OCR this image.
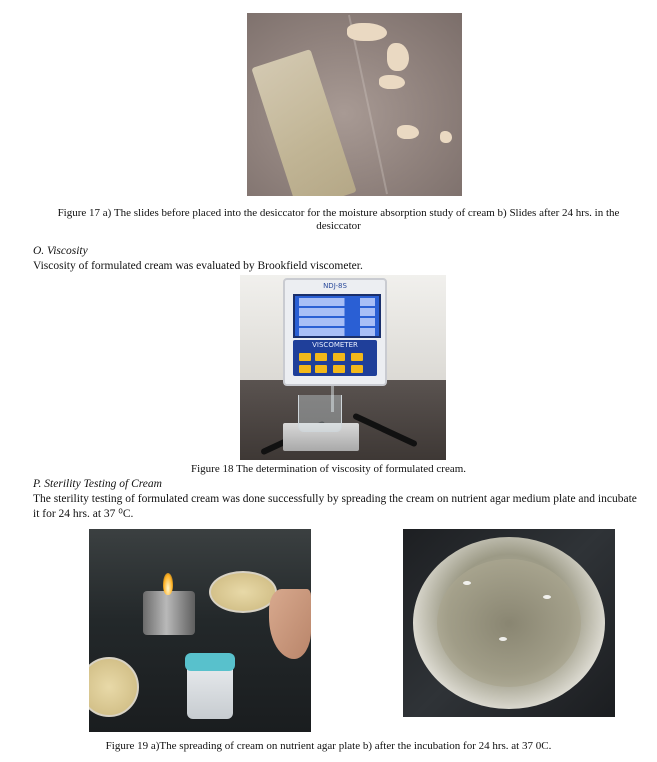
Figure 17 a) The slides before placed into the desiccator for the moisture absorption study of cream b) Slides after 24 hrs. in the
desiccator
O. Viscosity
Viscosity of formulated cream was evaluated by Brookfield viscometer.
NDJ-8S
VISCOMETER
Figure 18 The determination of viscosity of formulated cream.
P. Sterility Testing of Cream
The sterility testing of formulated cream was done successfully by spreading the cream on nutrient agar medium plate and incubate
it for 24 hrs. at 37 ⁰C.
Figure 19 a)The spreading of cream on nutrient agar plate b) after the incubation for 24 hrs. at 37 0C.
